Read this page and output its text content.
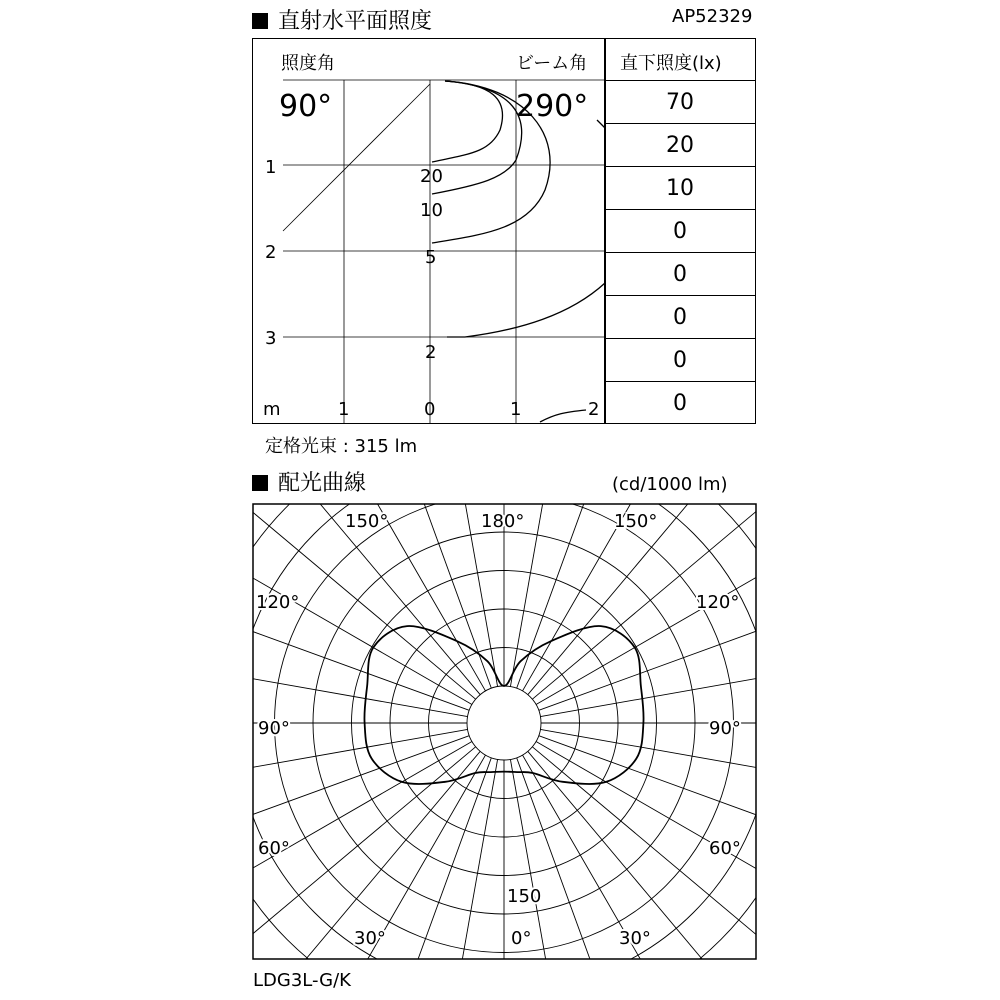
直射水平面照度	AP52329
直下照度(lx)
70
20
10
0
0
0
0
0
照度角	ビーム角
90°	290°
1
2
3
m	1	0	1	2
20
10
5
2
定格光束 : 315 lm
配光曲線	(cd/1000 lm)
150°	180°	150°
120°	120°
90°	90°
60°	60°
150
30°	0°	30°
LDG3L-G/K
